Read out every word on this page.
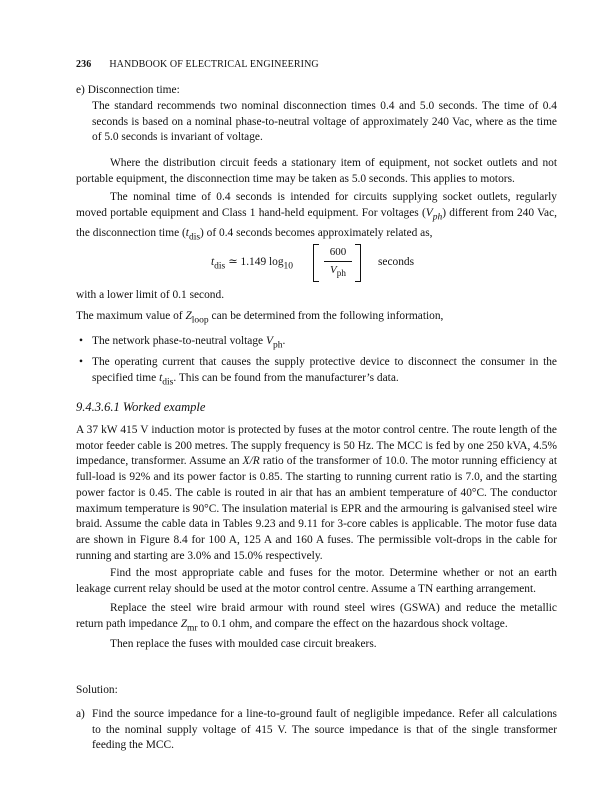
236 HANDBOOK OF ELECTRICAL ENGINEERING
e) Disconnection time:
The standard recommends two nominal disconnection times 0.4 and 5.0 seconds. The time of 0.4 seconds is based on a nominal phase-to-neutral voltage of approximately 240 Vac, where as the time of 5.0 seconds is invariant of voltage.
Where the distribution circuit feeds a stationary item of equipment, not socket outlets and not portable equipment, the disconnection time may be taken as 5.0 seconds. This applies to motors.
The nominal time of 0.4 seconds is intended for circuits supplying socket outlets, regularly moved portable equipment and Class 1 hand-held equipment. For voltages $(V_{ph})$ different from 240 Vac, the disconnection time $(t_{dis})$ of 0.4 seconds becomes approximately related as,
$t_{dis}$ ≃ 1.149 $\log_{10}$
600
$V_{ph}$
seconds
with a lower limit of 0.1 second.
The maximum value of $Z_{loop}$ can be determined from the following information,
• The network phase-to-neutral voltage $V_{ph}$.
• The operating current that causes the supply protective device to disconnect the consumer in the specified time $t_{dis}$. This can be found from the manufacturer’s data.
9.4.3.6.1 Worked example
A 37 kW 415 V induction motor is protected by fuses at the motor control centre. The route length of the motor feeder cable is 200 metres. The supply frequency is 50 Hz. The MCC is fed by one 250 kVA, 4.5% impedance, transformer. Assume an X/R ratio of the transformer of 10.0. The motor running efficiency at full-load is 92% and its power factor is 0.85. The starting to running current ratio is 7.0, and the starting power factor is 0.45. The cable is routed in air that has an ambient temperature of 40°C. The conductor maximum temperature is 90°C. The insulation material is EPR and the armouring is galvanised steel wire braid. Assume the cable data in Tables 9.23 and 9.11 for 3-core cables is applicable. The motor fuse data are shown in Figure 8.4 for 100 A, 125 A and 160 A fuses. The permissible volt-drops in the cable for running and starting are 3.0% and 15.0% respectively.
Find the most appropriate cable and fuses for the motor. Determine whether or not an earth leakage current relay should be used at the motor control centre. Assume a TN earthing arrangement.
Replace the steel wire braid armour with round steel wires (GSWA) and reduce the metallic return path impedance $Z_{mr}$ to 0.1 ohm, and compare the effect on the hazardous shock voltage.
Then replace the fuses with moulded case circuit breakers.
Solution:
a) Find the source impedance for a line-to-ground fault of negligible impedance. Refer all calculations to the nominal supply voltage of 415 V. The source impedance is that of the single transformer feeding the MCC.
